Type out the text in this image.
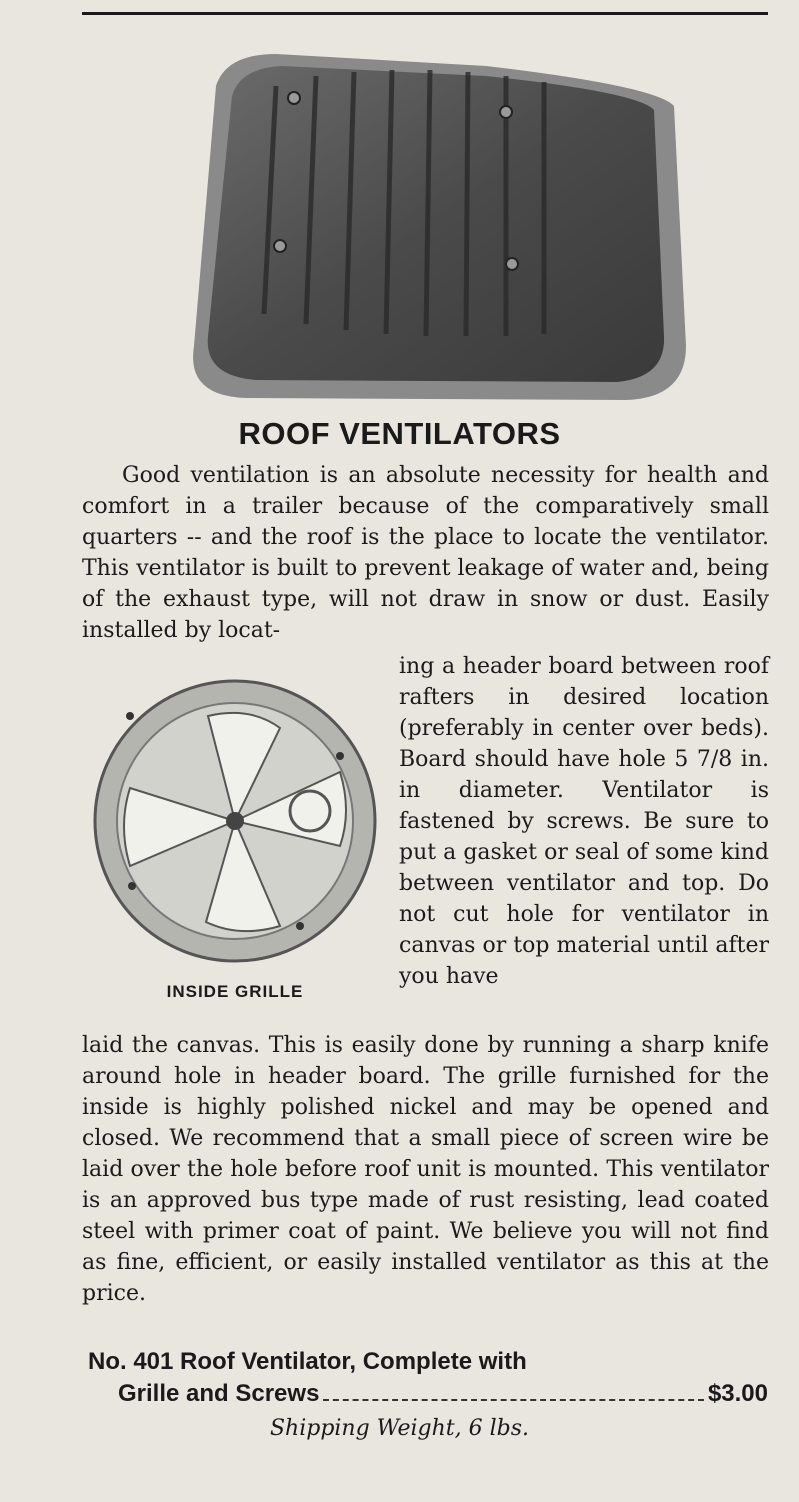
ROOF VENTILATORS

Good ventilation is an absolute necessity for health and comfort in a trailer because of the comparatively small quarters -- and the roof is the place to locate the ventilator. This ventilator is built to prevent leakage of water and, being of the exhaust type, will not draw in snow or dust. Easily installed by locat-

INSIDE GRILLE

ing a header board between roof rafters in desired location (preferably in center over beds). Board should have hole 5 7/8 in. in diameter. Ventilator is fastened by screws. Be sure to put a gasket or seal of some kind between ventilator and top. Do not cut hole for ventilator in canvas or top material until after you have

laid the canvas. This is easily done by running a sharp knife around hole in header board. The grille furnished for the inside is highly polished nickel and may be opened and closed. We recommend that a small piece of screen wire be laid over the hole before roof unit is mounted. This ventilator is an approved bus type made of rust resisting, lead coated steel with primer coat of paint. We believe you will not find as fine, efficient, or easily installed ventilator as this at the price.

No. 401 Roof Ventilator, Complete with
Grille and Screws	$3.00
Shipping Weight, 6 lbs.
